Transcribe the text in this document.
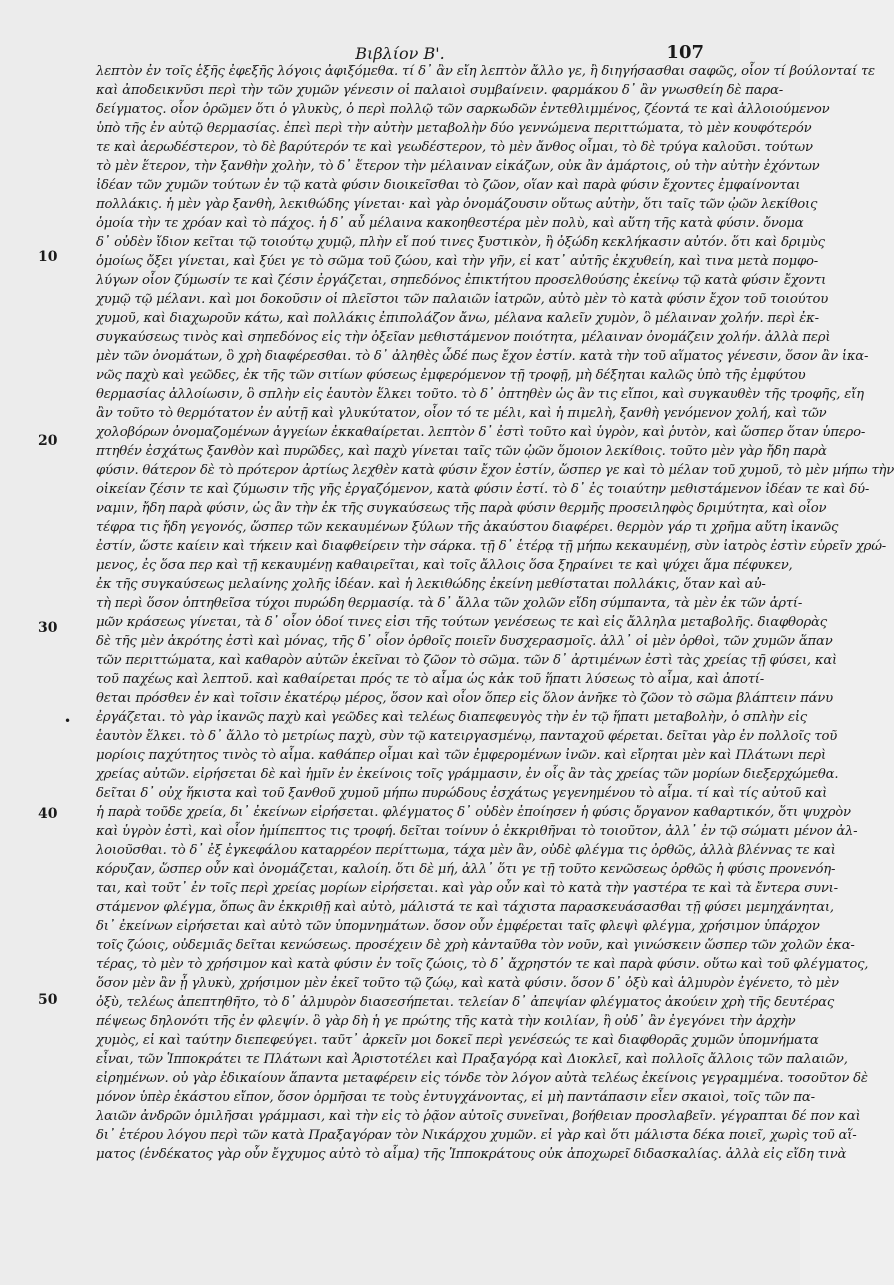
Βιβλίον Β'.	107
10
20
30
40
50
•
λεπτὸν ἐν τοῖς ἑξῆς ἐφεξῆς λόγοις ἀφιξόμεθα. τί δ᾽ ἂν εἴη λεπτὸν ἄλλο γε, ἢ διηγήσασθαι σαφῶς, οἷον τί βούλονταί τε
καὶ ἀποδεικνῦσι περὶ τὴν τῶν χυμῶν γένεσιν οἱ παλαιοὶ συμβαίνειν. φαρμάκου δ᾽ ἂν γνωσθείη δὲ παρα-
δείγματος. οἷον ὁρῶμεν ὅτι ὁ γλυκὺς, ὁ περὶ πολλῷ τῶν σαρκωδῶν ἐντεθλιμμένος, ζέοντά τε καὶ ἀλλοιούμενον
ὑπὸ τῆς ἐν αὐτῷ θερμασίας. ἐπεὶ περὶ τὴν αὐτὴν μεταβολὴν δύο γεννώμενα περιττώματα, τὸ μὲν κουφότερόν
τε καὶ ἀερωδέστερον, τὸ δὲ βαρύτερόν τε καὶ γεωδέστερον, τὸ μὲν ἄνθος οἶμαι, τὸ δὲ τρύγα καλοῦσι. τούτων
τὸ μὲν ἕτερον, τὴν ξανθὴν χολὴν, τὸ δ᾽ ἕτερον τὴν μέλαιναν εἰκάζων, οὐκ ἂν ἁμάρτοις, οὐ τὴν αὐτὴν ἐχόντων
ἰδέαν τῶν χυμῶν τούτων ἐν τῷ κατὰ φύσιν διοικεῖσθαι τὸ ζῶον, οἵαν καὶ παρὰ φύσιν ἔχοντες ἐμφαίνονται
πολλάκις. ἡ μὲν γὰρ ξανθὴ, λεκιθώδης γίνεται· καὶ γὰρ ὀνομάζουσιν οὕτως αὐτὴν, ὅτι ταῖς τῶν ᾠῶν λεκίθοις
ὁμοία τὴν τε χρόαν καὶ τὸ πάχος. ἡ δ᾽ αὖ μέλαινα κακοηθεστέρα μὲν πολὺ, καὶ αὕτη τῆς κατὰ φύσιν. ὄνομα
δ᾽ οὐδὲν ἴδιον κεῖται τῷ τοιούτῳ χυμῷ, πλὴν εἴ πού τινες ξυστικὸν, ἢ ὀξώδη κεκλήκασιν αὐτόν. ὅτι καὶ δριμὺς
ὁμοίως ὄξει γίνεται, καὶ ξύει γε τὸ σῶμα τοῦ ζώου, καὶ τὴν γῆν, εἰ κατ᾽ αὐτῆς ἐκχυθείη, καὶ τινα μετὰ πομφο-
λύγων οἷον ζύμωσίν τε καὶ ζέσιν ἐργάζεται, σηπεδόνος ἐπικτήτου προσελθούσης ἐκείνῳ τῷ κατὰ φύσιν ἔχοντι
χυμῷ τῷ μέλανι. καὶ μοι δοκοῦσιν οἱ πλεῖστοι τῶν παλαιῶν ἰατρῶν, αὐτὸ μὲν τὸ κατὰ φύσιν ἔχον τοῦ τοιούτου
χυμοῦ, καὶ διαχωροῦν κάτω, καὶ πολλάκις ἐπιπολάζον ἄνω, μέλανα καλεῖν χυμὸν, ὃ μέλαιναν χολήν. περὶ ἐκ-
συγκαύσεως τινὸς καὶ σηπεδόνος εἰς τὴν ὀξεῖαν μεθιστάμενον ποιότητα, μέλαιναν ὀνομάζειν χολήν. ἀλλὰ περὶ
μὲν τῶν ὀνομάτων, ὃ χρὴ διαφέρεσθαι. τὸ δ᾽ ἀληθὲς ὧδέ πως ἔχον ἐστίν. κατὰ τὴν τοῦ αἵματος γένεσιν, ὅσον ἂν ἱκα-
νῶς παχὺ καὶ γεῶδες, ἐκ τῆς τῶν σιτίων φύσεως ἐμφερόμενον τῇ τροφῇ, μὴ δέξηται καλῶς ὑπὸ τῆς ἐμφύτου
θερμασίας ἀλλοίωσιν, ὃ σπλὴν εἰς ἑαυτὸν ἕλκει τοῦτο. τὸ δ᾽ ὀπτηθὲν ὡς ἂν τις εἴποι, καὶ συγκαυθὲν τῆς τροφῆς, εἴη
ἂν τοῦτο τὸ θερμότατον ἐν αὐτῇ καὶ γλυκύτατον, οἷον τό τε μέλι, καὶ ἡ πιμελὴ, ξανθὴ γενόμενον χολή, καὶ τῶν
χολοβόρων ὀνομαζομένων ἀγγείων ἐκκαθαίρεται. λεπτὸν δ᾽ ἐστὶ τοῦτο καὶ ὑγρὸν, καὶ ῥυτὸν, καὶ ὥσπερ ὅταν ὑπερο-
πτηθέν ἐσχάτως ξανθὸν καὶ πυρῶδες, καὶ παχὺ γίνεται ταῖς τῶν ᾠῶν ὅμοιον λεκίθοις. τοῦτο μὲν γὰρ ἤδη παρὰ
φύσιν. θάτερον δὲ τὸ πρότερον ἀρτίως λεχθὲν κατὰ φύσιν ἔχον ἐστίν, ὥσπερ γε καὶ τὸ μέλαν τοῦ χυμοῦ, τὸ μὲν μήπω τὴν
οἰκείαν ζέσιν τε καὶ ζύμωσιν τῆς γῆς ἐργαζόμενον, κατὰ φύσιν ἐστί. τὸ δ᾽ ἐς τοιαύτην μεθιστάμενον ἰδέαν τε καὶ δύ-
ναμιν, ἤδη παρὰ φύσιν, ὡς ἂν τὴν ἐκ τῆς συγκαύσεως τῆς παρὰ φύσιν θερμῆς προσειληφὸς δριμύτητα, καὶ οἷον
τέφρα τις ἤδη γεγονός, ὥσπερ τῶν κεκαυμένων ξύλων τῆς ἀκαύστου διαφέρει. θερμὸν γάρ τι χρῆμα αὕτη ἱκανῶς
ἐστίν, ὥστε καίειν καὶ τήκειν καὶ διαφθείρειν τὴν σάρκα. τῇ δ᾽ ἑτέρᾳ τῇ μήπω κεκαυμένῃ, σὺν ἰατρὸς ἐστὶν εὑρεῖν χρώ-
μενος, ἐς ὅσα περ καὶ τῇ κεκαυμένῃ καθαιρεῖται, καὶ τοῖς ἄλλοις ὅσα ξηραίνει τε καὶ ψύχει ἅμα πέφυκεν,
ἐκ τῆς συγκαύσεως μελαίνης χολῆς ἰδέαν. καὶ ἡ λεκιθώδης ἐκείνη μεθίσταται πολλάκις, ὅταν καὶ αὐ-
τὴ περὶ ὅσον ὀπτηθεῖσα τύχοι πυρώδη θερμασίᾳ. τὰ δ᾽ ἄλλα τῶν χολῶν εἴδη σύμπαντα, τὰ μὲν ἐκ τῶν ἀρτί-
μῶν κράσεως γίνεται, τὰ δ᾽ οἷον ὁδοί τινες εἰσι τῆς τούτων γενέσεως τε καὶ εἰς ἄλληλα μεταβολῆς. διαφθορὰς
δὲ τῆς μὲν ἀκρότης ἐστὶ καὶ μόνας, τῆς δ᾽ οἷον ὀρθοῖς ποιεῖν δυσχερασμοῖς. ἀλλ᾽ οἱ μὲν ὀρθοὶ, τῶν χυμῶν ἅπαν
τῶν περιττώματα, καὶ καθαρὸν αὐτῶν ἐκεῖναι τὸ ζῶον τὸ σῶμα. τῶν δ᾽ ἀρτιμένων ἐστὶ τὰς χρείας τῇ φύσει, καὶ
τοῦ παχέως καὶ λεπτοῦ. καὶ καθαίρεται πρός τε τὸ αἷμα ὡς κἀκ τοῦ ἥπατι λύσεως τὸ αἷμα, καὶ ἀποτί-
θεται πρόσθεν ἐν καὶ τοῖσιν ἐκατέρῳ μέρος, ὅσον καὶ οἷον ὅπερ εἰς ὅλον ἀνῆκε τὸ ζῶον τὸ σῶμα βλάπτειν πάνυ
ἐργάζεται. τὸ γὰρ ἱκανῶς παχὺ καὶ γεῶδες καὶ τελέως διαπεφευγὸς τὴν ἐν τῷ ἥπατι μεταβολὴν, ὁ σπλὴν εἰς
ἑαυτὸν ἕλκει. τὸ δ᾽ ἄλλο τὸ μετρίως παχὺ, σὺν τῷ κατειργασμένῳ, πανταχοῦ φέρεται. δεῖται γὰρ ἐν πολλοῖς τοῦ
μορίοις παχύτητος τινὸς τὸ αἷμα. καθάπερ οἶμαι καὶ τῶν ἐμφερομένων ἰνῶν. καὶ εἴρηται μὲν καὶ Πλάτωνι περὶ
χρείας αὐτῶν. εἰρήσεται δὲ καὶ ἡμῖν ἐν ἐκείνοις τοῖς γράμμασιν, ἐν οἷς ἂν τὰς χρείας τῶν μορίων διεξερχώμεθα.
δεῖται δ᾽ οὐχ ἥκιστα καὶ τοῦ ξανθοῦ χυμοῦ μήπω πυρώδους ἐσχάτως γεγενημένου τὸ αἷμα. τί καὶ τίς αὐτοῦ καὶ
ἡ παρὰ τοῦδε χρεία, δι᾽ ἐκείνων εἰρήσεται. φλέγματος δ᾽ οὐδὲν ἐποίησεν ἡ φύσις ὄργανον καθαρτικόν, ὅτι ψυχρὸν
καὶ ὑγρὸν ἐστὶ, καὶ οἷον ἡμίπεπτος τις τροφή. δεῖται τοίνυν ὁ ἐκκριθῆναι τὸ τοιοῦτον, ἀλλ᾽ ἐν τῷ σώματι μένον ἀλ-
λοιοῦσθαι. τὸ δ᾽ ἐξ ἐγκεφάλου καταρρέον περίττωμα, τάχα μὲν ἂν, οὐδὲ φλέγμα τις ὀρθῶς, ἀλλὰ βλέννας τε καὶ
κόρυζαν, ὥσπερ οὖν καὶ ὀνομάζεται, καλοίη. ὅτι δὲ μή, ἀλλ᾽ ὅτι γε τῇ τοῦτο κενῶσεως ὀρθῶς ἡ φύσις προνενόη-
ται, καὶ τοῦτ᾽ ἐν τοῖς περὶ χρείας μορίων εἰρήσεται. καὶ γὰρ οὖν καὶ τὸ κατὰ τὴν γαστέρα τε καὶ τὰ ἔντερα συνι-
στάμενον φλέγμα, ὅπως ἂν ἐκκριθῇ καὶ αὐτὸ, μάλιστά τε καὶ τάχιστα παρασκευάσασθαι τῇ φύσει μεμηχάνηται,
δι᾽ ἐκείνων εἰρήσεται καὶ αὐτὸ τῶν ὑπομνημάτων. ὅσον οὖν ἐμφέρεται ταῖς φλεψὶ φλέγμα, χρήσιμον ὑπάρχον
τοῖς ζώοις, οὐδεμιᾶς δεῖται κενώσεως. προσέχειν δὲ χρὴ κἀνταῦθα τὸν νοῦν, καὶ γινώσκειν ὥσπερ τῶν χολῶν ἑκα-
τέρας, τὸ μὲν τὸ χρήσιμον καὶ κατὰ φύσιν ἐν τοῖς ζώοις, τὸ δ᾽ ἄχρηστόν τε καὶ παρὰ φύσιν. οὕτω καὶ τοῦ φλέγματος,
ὅσον μὲν ἂν ᾖ γλυκὺ, χρήσιμον μὲν ἐκεῖ τοῦτο τῷ ζώῳ, καὶ κατὰ φύσιν. ὅσον δ᾽ ὀξὺ καὶ ἁλμυρὸν ἐγένετο, τὸ μὲν
ὀξὺ, τελέως ἀπεπτηθῆτο, τὸ δ᾽ ἁλμυρὸν διασεσήπεται. τελείαν δ᾽ ἀπεψίαν φλέγματος ἀκούειν χρὴ τῆς δευτέρας
πέψεως δηλονότι τῆς ἐν φλεψίν. ὃ γὰρ δὴ ἡ γε πρώτης τῆς κατὰ τὴν κοιλίαν, ἢ οὐδ᾽ ἂν ἐγεγόνει τὴν ἀρχὴν
χυμὸς, εἰ καὶ ταύτην διεπεφεύγει. ταῦτ᾽ ἀρκεῖν μοι δοκεῖ περὶ γενέσεώς τε καὶ διαφθορᾶς χυμῶν ὑπομνήματα
εἶναι, τῶν Ἱπποκράτει τε Πλάτωνι καὶ Ἀριστοτέλει καὶ Πραξαγόρᾳ καὶ Διοκλεῖ, καὶ πολλοῖς ἄλλοις τῶν παλαιῶν,
εἰρημένων. οὐ γὰρ ἐδικαίουν ἅπαντα μεταφέρειν εἰς τόνδε τὸν λόγον αὐτὰ τελέως ἐκείνοις γεγραμμένα. τοσοῦτον δὲ
μόνον ὑπὲρ ἑκάστου εἴπον, ὅσον ὁρμῆσαι τε τοὺς ἐντυγχάνοντας, εἰ μὴ παντάπασιν εἶεν σκαιοὶ, τοῖς τῶν πα-
λαιῶν ἀνδρῶν ὁμιλῆσαι γράμμασι, καὶ τὴν εἰς τὸ ῥᾷον αὐτοῖς συνεῖναι, βοήθειαν προσλαβεῖν. γέγραπται δέ πον καὶ
δι᾽ ἑτέρου λόγου περὶ τῶν κατὰ Πραξαγόραν τὸν Νικάρχου χυμῶν. εἰ γὰρ καὶ ὅτι μάλιστα δέκα ποιεῖ, χωρὶς τοῦ αἵ-
ματος (ἑνδέκατος γὰρ οὗν ἔγχυμος αὐτὸ τὸ αἷμα) τῆς Ἱπποκράτους οὐκ ἀποχωρεῖ διδασκαλίας. ἀλλὰ εἰς εἴδη τινὰ
